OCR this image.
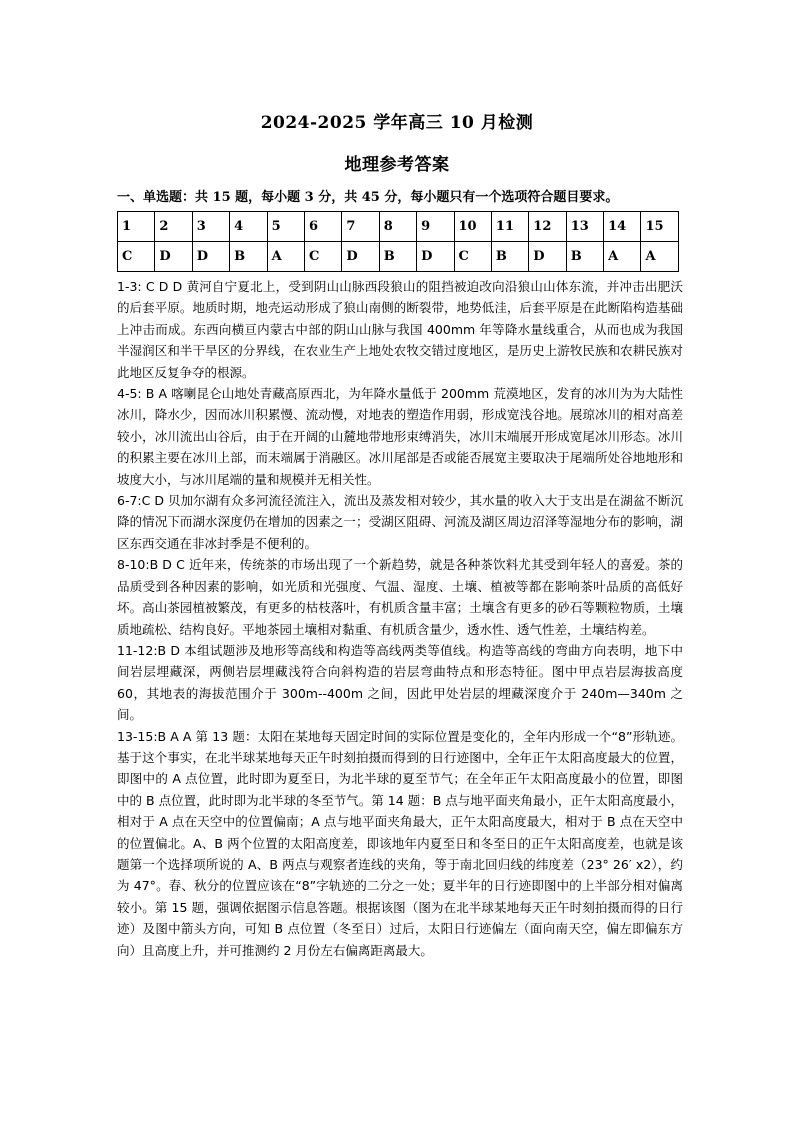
2024-2025 学年高三 10 月检测
地理参考答案
一、单选题：共 15 题，每小题 3 分，共 45 分，每小题只有一个选项符合题目要求。
1	2	3	4	5	6	7	8	9	10	11	12	13	14	15
C	D	D	B	A	C	D	B	D	C	B	D	B	A	A

1-3: C D D 黄河自宁夏北上，受到阴山山脉西段狼山的阻挡被迫改向沿狼山山体东流，并冲击出肥沃的后套平原。地质时期，地壳运动形成了狼山南侧的断裂带，地势低洼，后套平原是在此断陷构造基础上冲击而成。东西向横亘内蒙古中部的阴山山脉与我国 400mm 年等降水量线重合，从而也成为我国半湿润区和半干旱区的分界线，在农业生产上地处农牧交错过度地区，是历史上游牧民族和农耕民族对此地区反复争夺的根源。

4-5: B A 喀喇昆仑山地处青藏高原西北，为年降水量低于 200mm 荒漠地区，发育的冰川为为大陆性冰川，降水少，因而冰川积累慢、流动慢，对地表的塑造作用弱，形成宽浅谷地。展琼冰川的相对高差较小，冰川流出山谷后，由于在开阔的山麓地带地形束缚消失，冰川末端展开形成宽尾冰川形态。冰川的积累主要在冰川上部，而末端属于消融区。冰川尾部是否或能否展宽主要取决于尾端所处谷地地形和坡度大小，与冰川尾端的量和规模并无相关性。

6-7:C D 贝加尔湖有众多河流径流注入，流出及蒸发相对较少，其水量的收入大于支出是在湖盆不断沉降的情况下而湖水深度仍在增加的因素之一；受湖区阻碍、河流及湖区周边沼泽等湿地分布的影响，湖区东西交通在非冰封季是不便利的。

8-10:B D C 近年来，传统茶的市场出现了一个新趋势，就是各种茶饮料尤其受到年轻人的喜爱。茶的品质受到各种因素的影响，如光质和光强度、气温、湿度、土壤、植被等都在影响茶叶品质的高低好坏。高山茶园植被繁茂，有更多的枯枝落叶，有机质含量丰富；土壤含有更多的砂石等颗粒物质，土壤质地疏松、结构良好。平地茶园土壤相对黏重、有机质含量少，透水性、透气性差，土壤结构差。

11-12:B D 本组试题涉及地形等高线和构造等高线两类等值线。构造等高线的弯曲方向表明，地下中间岩层埋藏深，两侧岩层埋藏浅符合向斜构造的岩层弯曲特点和形态特征。图中甲点岩层海拔高度 60，其地表的海拔范围介于 300m--400m 之间，因此甲处岩层的埋藏深度介于 240m—340m 之间。

13-15:B A A 第 13 题：太阳在某地每天固定时间的实际位置是变化的，全年内形成一个“8”形轨迹。基于这个事实，在北半球某地每天正午时刻拍摄而得到的日行迹图中，全年正午太阳高度最大的位置，即图中的 A 点位置，此时即为夏至日，为北半球的夏至节气；在全年正午太阳高度最小的位置，即图中的 B 点位置，此时即为北半球的冬至节气。第 14 题：B 点与地平面夹角最小，正午太阳高度最小，相对于 A 点在天空中的位置偏南；A 点与地平面夹角最大，正午太阳高度最大，相对于 B 点在天空中的位置偏北。A、B 两个位置的太阳高度差，即该地年内夏至日和冬至日的正午太阳高度差，也就是该题第一个选择项所说的 A、B 两点与观察者连线的夹角，等于南北回归线的纬度差（23° 26′ x2），约为 47°。春、秋分的位置应该在“8”字轨迹的二分之一处；夏半年的日行迹即图中的上半部分相对偏离较小。第 15 题，强调依据图示信息答题。根据该图（图为在北半球某地每天正午时刻拍摄而得的日行迹）及图中箭头方向，可知 B 点位置（冬至日）过后，太阳日行迹偏左（面向南天空，偏左即偏东方向）且高度上升，并可推测约 2 月份左右偏离距离最大。
